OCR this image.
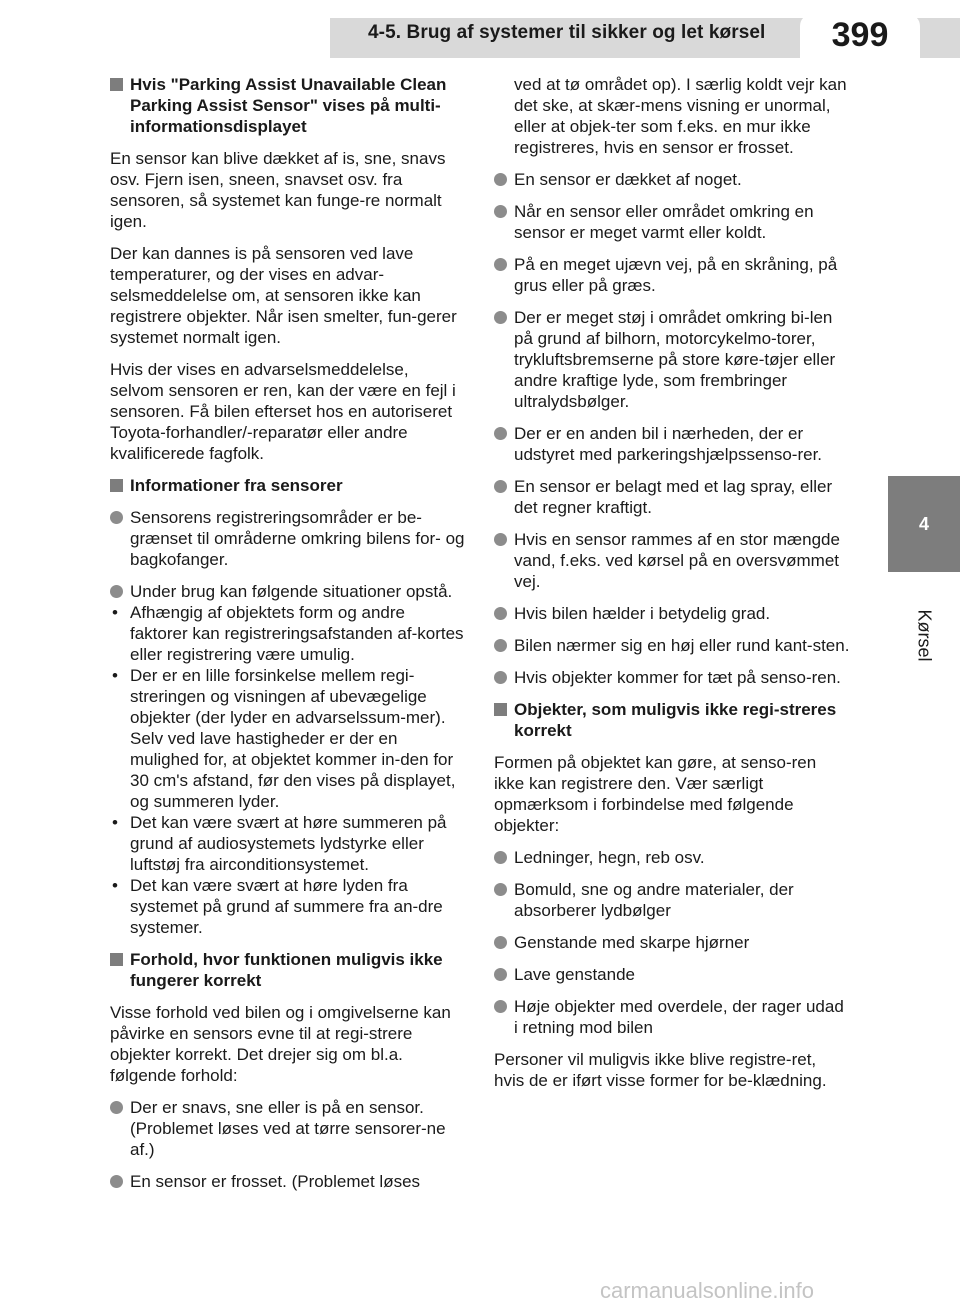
4-5. Brug af systemer til sikker og let kørsel	399
4
Kørsel
Hvis "Parking Assist Unavailable Clean Parking Assist Sensor" vises på multi-informationsdisplayet

En sensor kan blive dækket af is, sne, snavs osv. Fjern isen, sneen, snavset osv. fra sensoren, så systemet kan funge-re normalt igen.

Der kan dannes is på sensoren ved lave temperaturer, og der vises en advar-selsmeddelelse om, at sensoren ikke kan registrere objekter. Når isen smelter, fun-gerer systemet normalt igen.

Hvis der vises en advarselsmeddelelse, selvom sensoren er ren, kan der være en fejl i sensoren. Få bilen efterset hos en autoriseret Toyota-forhandler/-reparatør eller andre kvalificerede fagfolk.

Informationer fra sensorer
Sensorens registreringsområder er be-grænset til områderne omkring bilens for- og bagkofanger.
Under brug kan følgende situationer opstå.
• Afhængig af objektets form og andre faktorer kan registreringsafstanden af-kortes eller registrering være umulig.
• Der er en lille forsinkelse mellem regi-streringen og visningen af ubevægelige objekter (der lyder en advarselssum-mer). Selv ved lave hastigheder er der en mulighed for, at objektet kommer in-den for 30 cm's afstand, før den vises på displayet, og summeren lyder.
• Det kan være svært at høre summeren på grund af audiosystemets lydstyrke eller luftstøj fra airconditionsystemet.
• Det kan være svært at høre lyden fra systemet på grund af summere fra an-dre systemer.
Forhold, hvor funktionen muligvis ikke fungerer korrekt

Visse forhold ved bilen og i omgivelserne kan påvirke en sensors evne til at regi-strere objekter korrekt. Det drejer sig om bl.a. følgende forhold:

Der er snavs, sne eller is på en sensor. (Problemet løses ved at tørre sensorer-ne af.)
En sensor er frosset. (Problemet løses
ved at tø området op). I særlig koldt vejr kan det ske, at skær-mens visning er unormal, eller at objek-ter som f.eks. en mur ikke registreres, hvis en sensor er frosset.
En sensor er dækket af noget.
Når en sensor eller området omkring en sensor er meget varmt eller koldt.
På en meget ujævn vej, på en skråning, på grus eller på græs.
Der er meget støj i området omkring bi-len på grund af bilhorn, motorcykelmo-torer, trykluftsbremserne på store køre-tøjer eller andre kraftige lyde, som frembringer ultralydsbølger.
Der er en anden bil i nærheden, der er udstyret med parkeringshjælpssenso-rer.
En sensor er belagt med et lag spray, eller det regner kraftigt.
Hvis en sensor rammes af en stor mængde vand, f.eks. ved kørsel på en oversvømmet vej.
Hvis bilen hælder i betydelig grad.
Bilen nærmer sig en høj eller rund kant-sten.
Hvis objekter kommer for tæt på senso-ren.
Objekter, som muligvis ikke regi-streres korrekt

Formen på objektet kan gøre, at senso-ren ikke kan registrere den. Vær særligt opmærksom i forbindelse med følgende objekter:

Ledninger, hegn, reb osv.
Bomuld, sne og andre materialer, der absorberer lydbølger
Genstande med skarpe hjørner
Lave genstande
Høje objekter med overdele, der rager udad i retning mod bilen

Personer vil muligvis ikke blive registre-ret, hvis de er iført visse former for be-klædning.

carmanualsonline.info
